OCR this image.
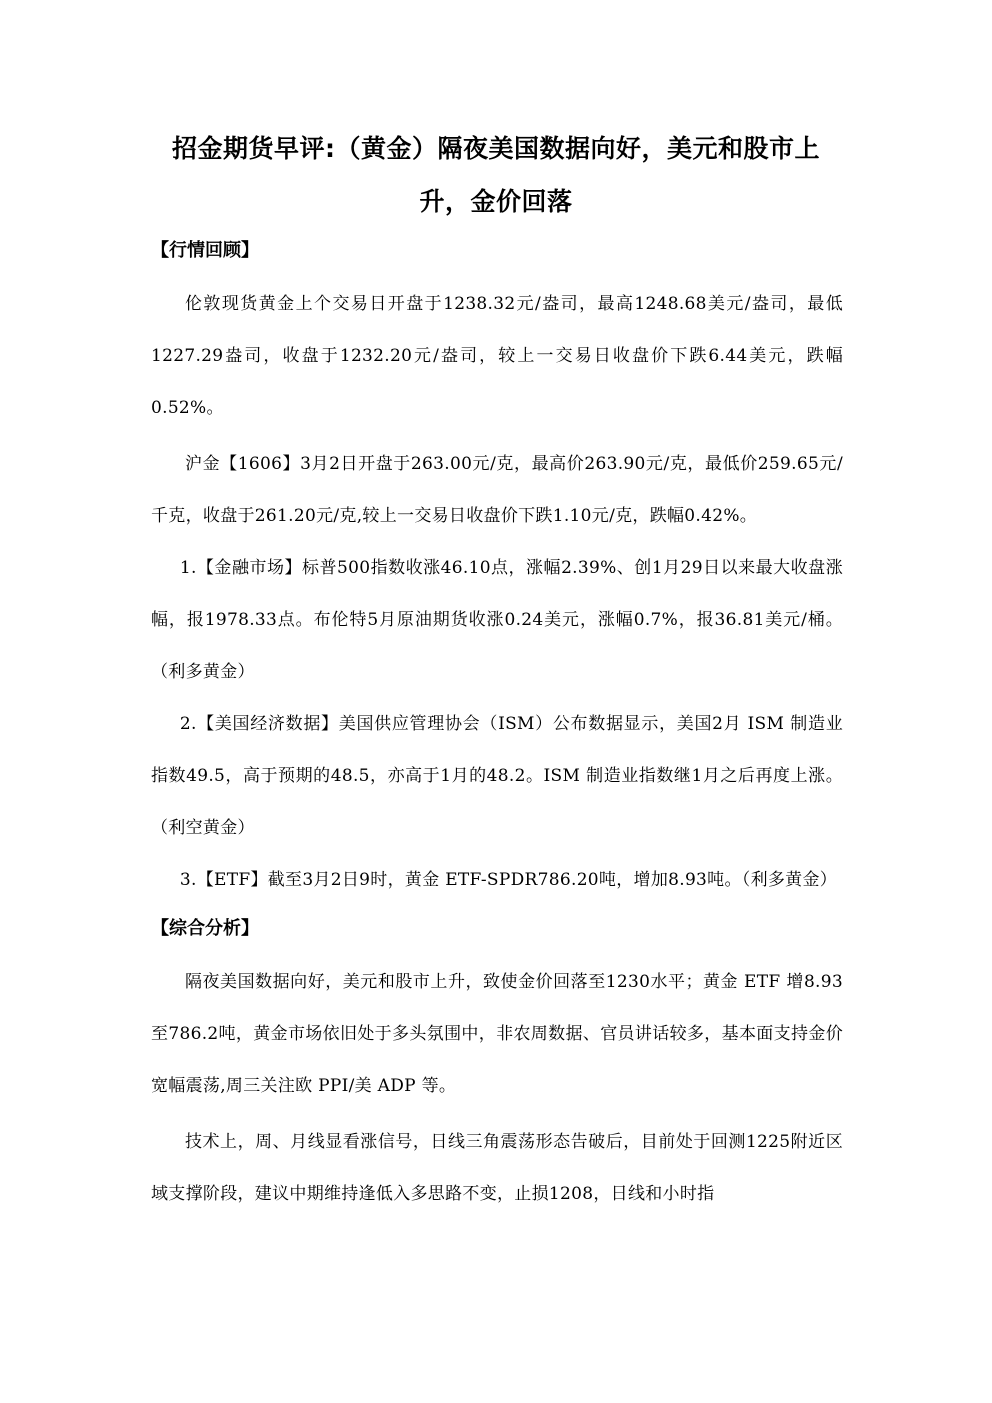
招金期货早评:（黄金）隔夜美国数据向好，美元和股市上升，金价回落
【行情回顾】

伦敦现货黄金上个交易日开盘于1238.32元/盎司，最高1248.68美元/盎司，最低1227.29盎司，收盘于1232.20元/盎司，较上一交易日收盘价下跌6.44美元，跌幅0.52%。

沪金【1606】3月2日开盘于263.00元/克，最高价263.90元/克，最低价259.65元/千克，收盘于261.20元/克,较上一交易日收盘价下跌1.10元/克，跌幅0.42%。

1.【金融市场】标普500指数收涨46.10点，涨幅2.39%、创1月29日以来最大收盘涨幅，报1978.33点。布伦特5月原油期货收涨0.24美元，涨幅0.7%，报36.81美元/桶。（利多黄金）

2.【美国经济数据】美国供应管理协会（ISM）公布数据显示，美国2月 ISM 制造业指数49.5，高于预期的48.5，亦高于1月的48.2。ISM 制造业指数继1月之后再度上涨。（利空黄金）

3.【ETF】截至3月2日9时，黄金 ETF-SPDR786.20吨，增加8.93吨。（利多黄金）

【综合分析】

隔夜美国数据向好，美元和股市上升，致使金价回落至1230水平；黄金 ETF 增8.93至786.2吨，黄金市场依旧处于多头氛围中，非农周数据、官员讲话较多，基本面支持金价宽幅震荡,周三关注欧 PPI/美 ADP 等。

技术上，周、月线显看涨信号，日线三角震荡形态告破后，目前处于回测1225附近区域支撑阶段，建议中期维持逢低入多思路不变，止损1208，日线和小时指
